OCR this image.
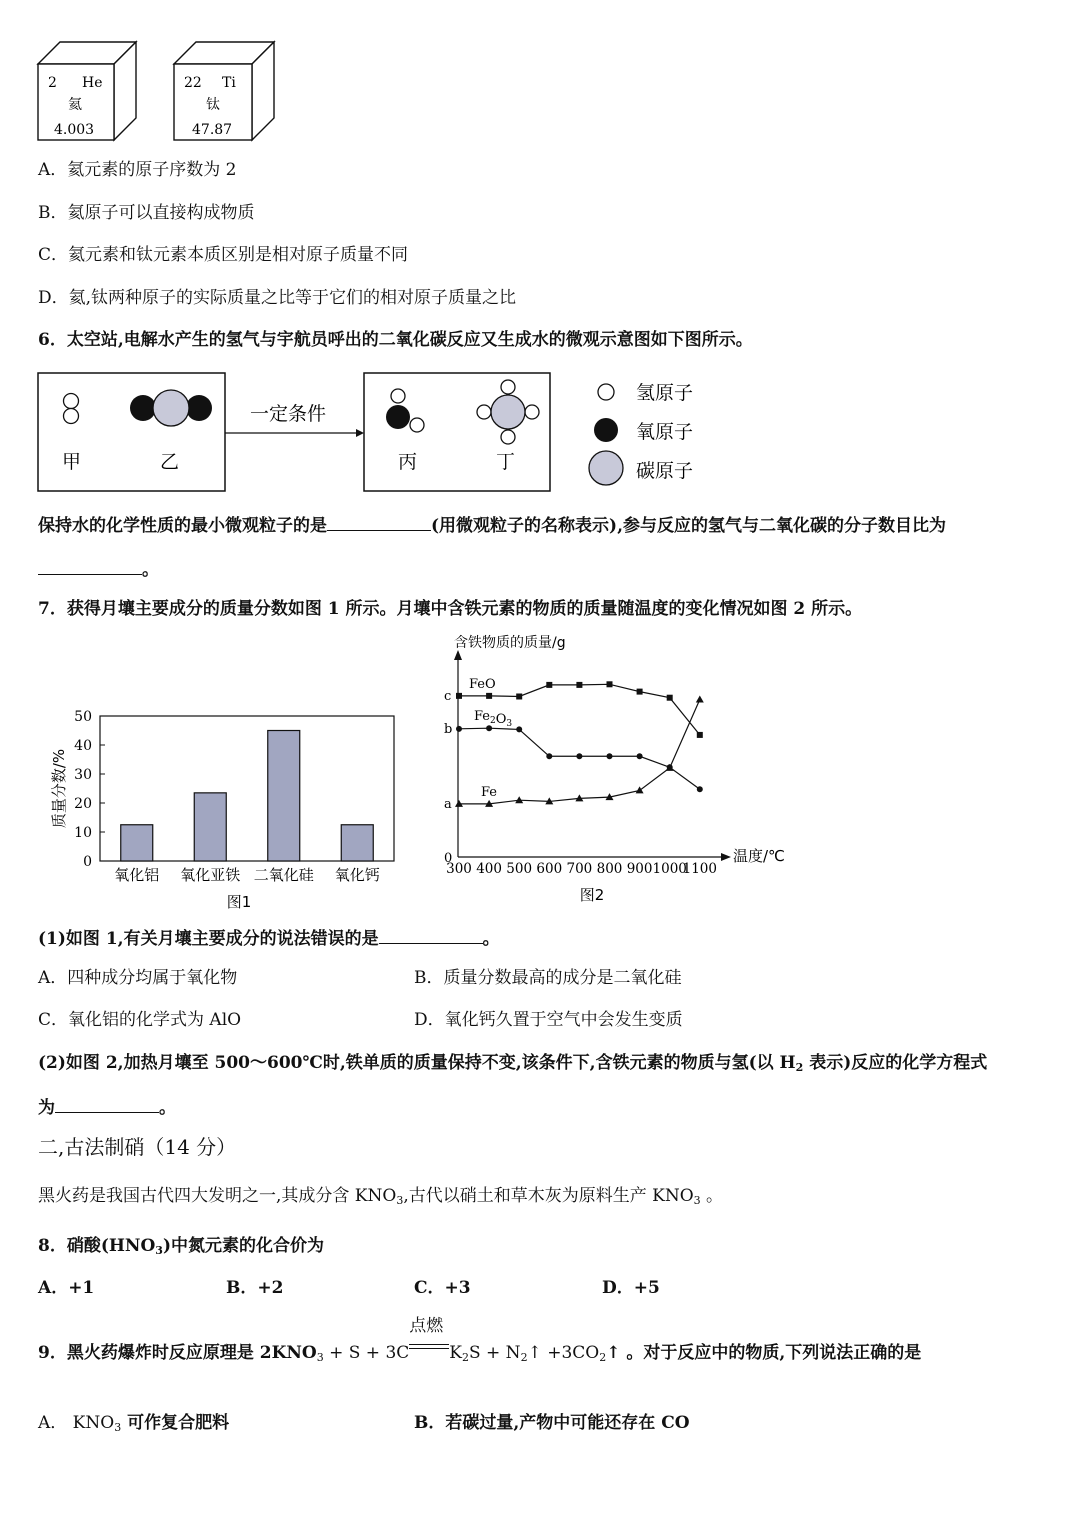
2 He
氦
4.003
22 Ti
钛
47.87
A．氦元素的原子序数为 2
B．氦原子可以直接构成物质
C．氦元素和钛元素本质区别是相对原子质量不同
D．氦,钛两种原子的实际质量之比等于它们的相对原子质量之比
6．太空站,电解水产生的氢气与宇航员呼出的二氧化碳反应又生成水的微观示意图如下图所示。
甲	乙
一定条件
丙	丁
氢原子
氧原子
碳原子
保持水的化学性质的最小微观粒子的是	(用微观粒子的名称表示),参与反应的氢气与二氧化碳的分子数目比为
。
7．获得月壤主要成分的质量分数如图 1 所示。月壤中含铁元素的物质的质量随温度的变化情况如图 2 所示。
0
10
20
30
40
50
氧化铝 氧化亚铁 二氧化硅 氧化钙
质量分数/%
图1
含铁物质的质量/g
温度/℃
0
a
b
c
300 400 500 600 700 800 900 1000
1100
FeO
$Fe_2O_3$
Fe
图2
(1)如图 1,有关月壤主要成分的说法错误的是	。
A．四种成分均属于氧化物	B．质量分数最高的成分是二氧化硅
C．氧化铝的化学式为 AlO	D．氧化钙久置于空气中会发生变质
(2)如图 2,加热月壤至 500～600℃时,铁单质的质量保持不变,该条件下,含铁元素的物质与氢(以 $H_2$ 表示)反应的化学方程式
为	。
二,古法制硝（14 分）
黑火药是我国古代四大发明之一,其成分含 $KNO_3$,古代以硝土和草木灰为原料生产 $KNO_3$ 。
8．硝酸$(HNO_3)$中氮元素的化合价为
A．+1	B．+2	C．+3	D．+5
9．黑火药爆炸时反应原理是 $2KNO_3 + S + 3C$
点燃
$K_2S$ + $N_2↑$ $+3CO_2↑$ 。对于反应中的物质,下列说法正确的是
A． $KNO_3$ 可作复合肥料	B．若碳过量,产物中可能还存在 CO
